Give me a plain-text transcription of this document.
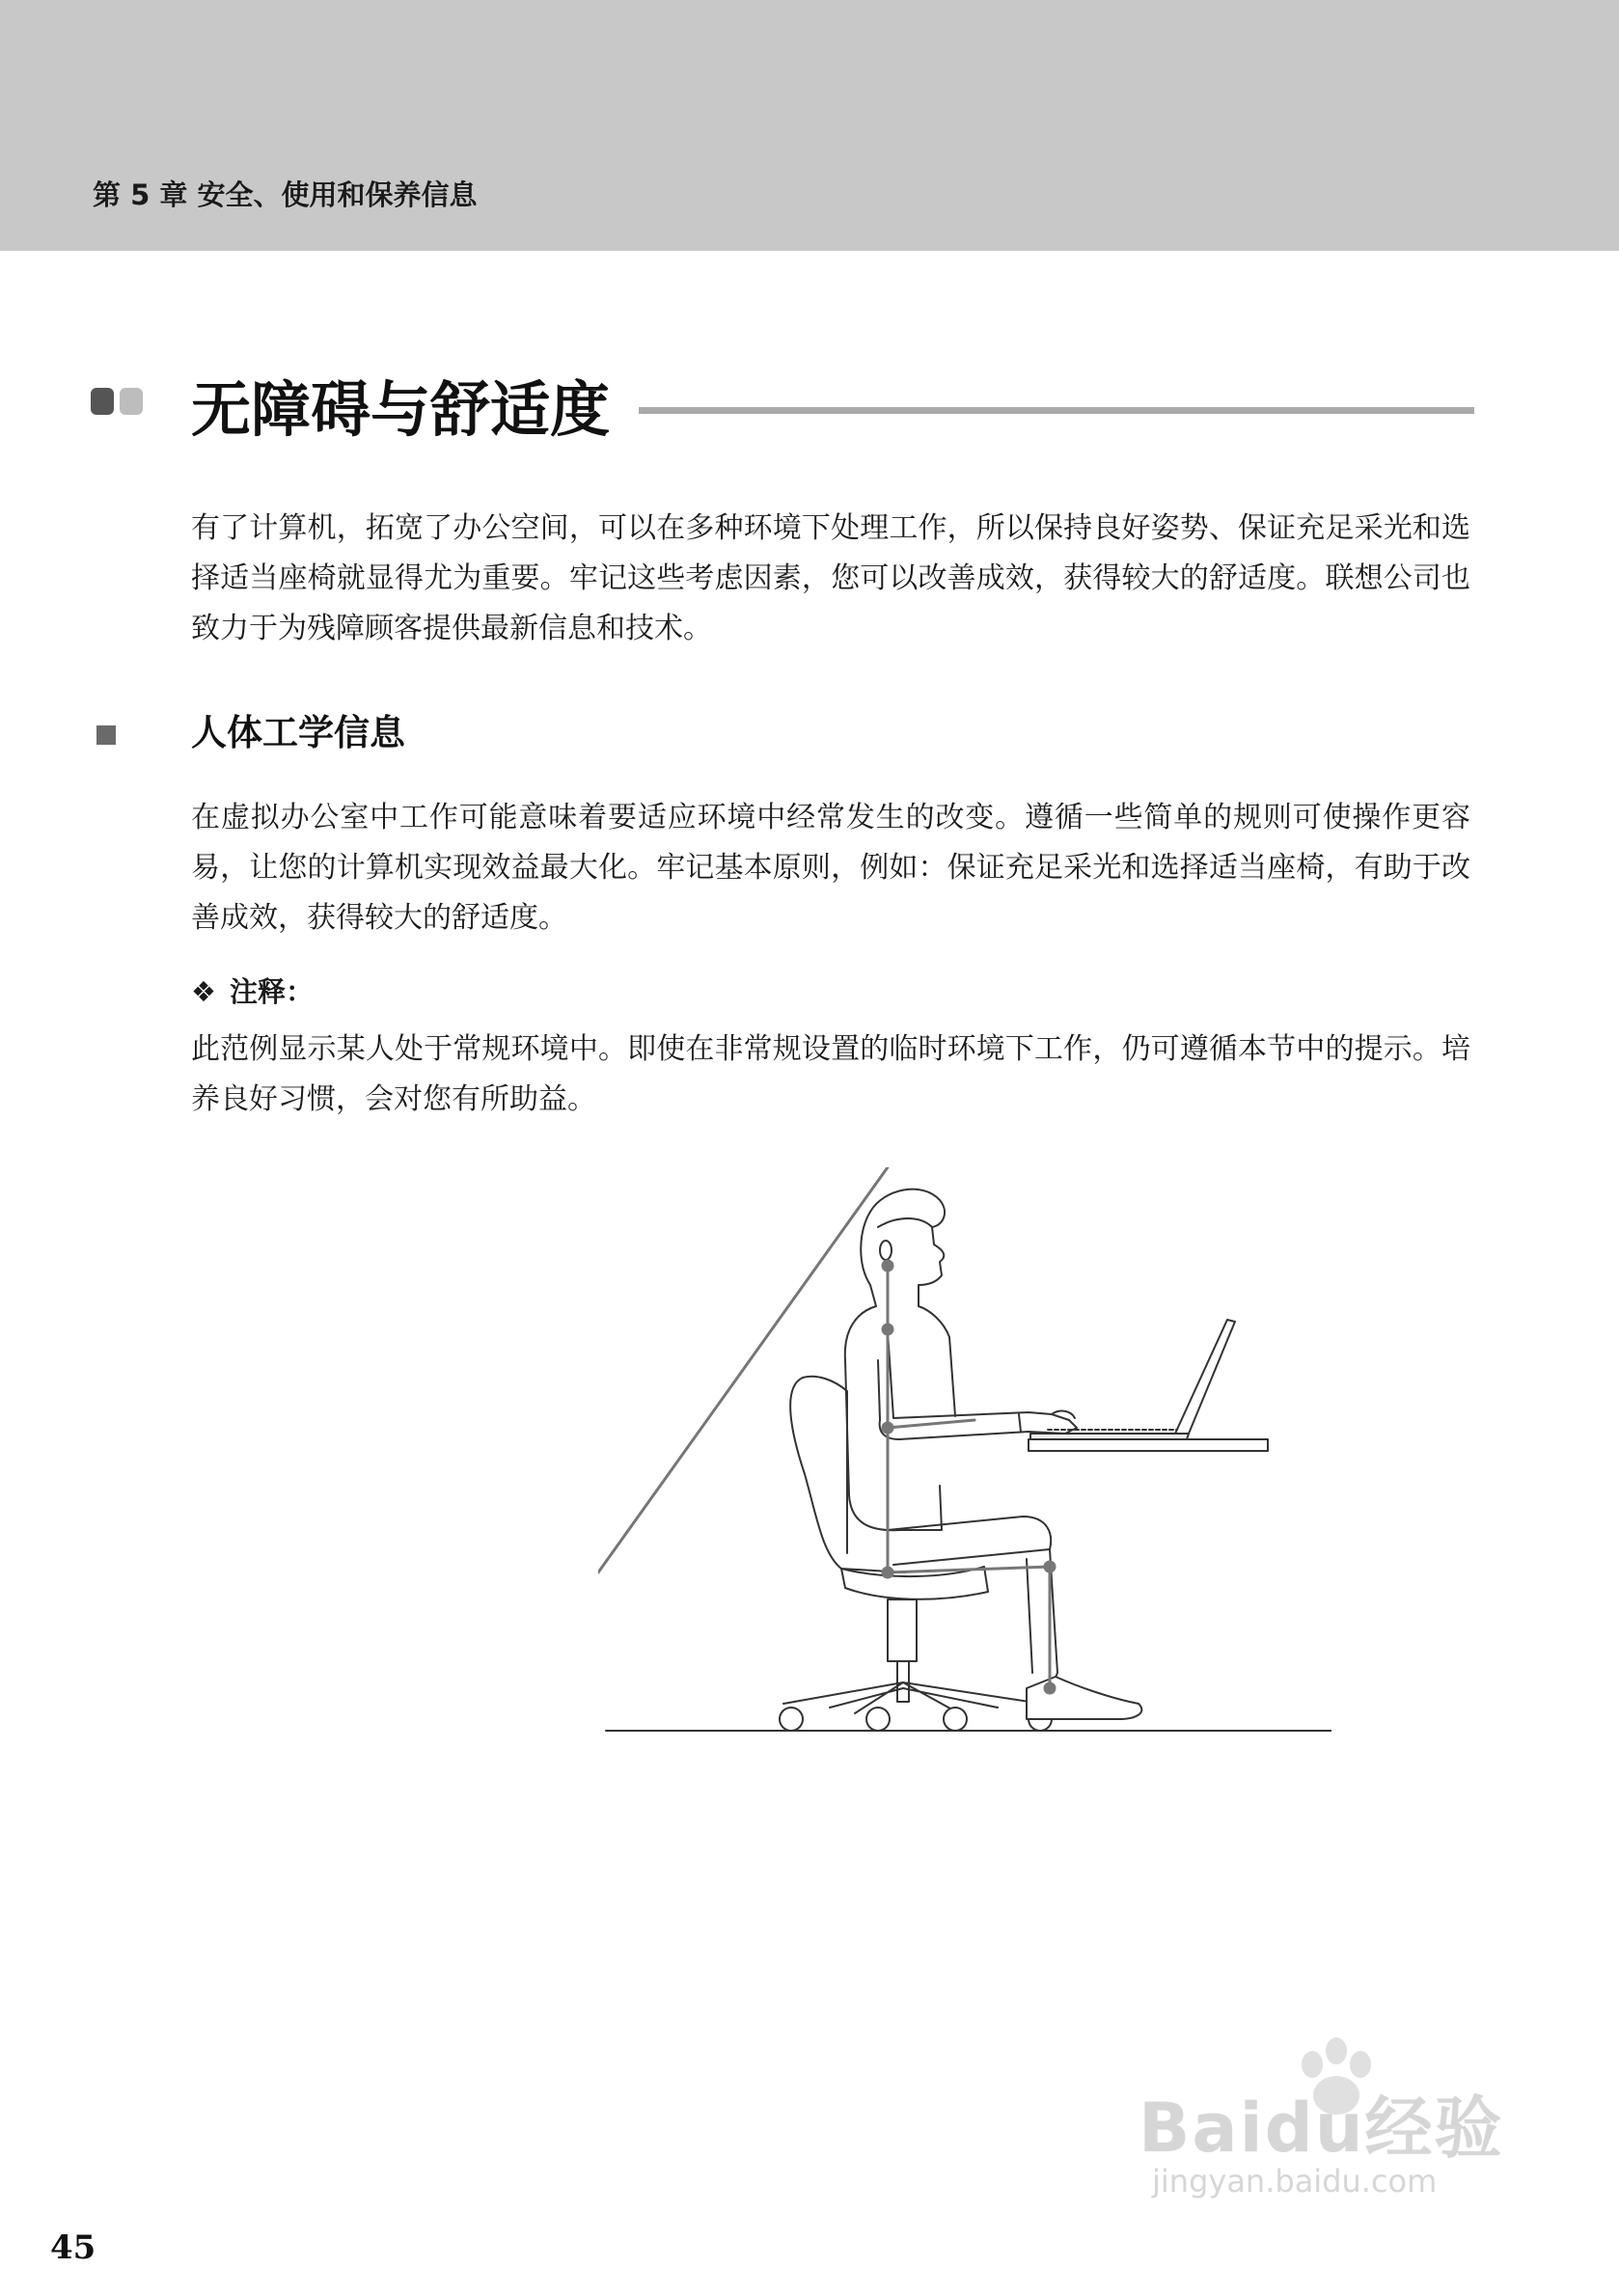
第 5 章 安全、使用和保养信息
无障碍与舒适度
有了计算机，拓宽了办公空间，可以在多种环境下处理工作，所以保持良好姿势、保证充足采光和选择适当座椅就显得尤为重要。牢记这些考虑因素，您可以改善成效，获得较大的舒适度。联想公司也致力于为残障顾客提供最新信息和技术。
人体工学信息
在虚拟办公室中工作可能意味着要适应环境中经常发生的改变。遵循一些简单的规则可使操作更容易，让您的计算机实现效益最大化。牢记基本原则，例如：保证充足采光和选择适当座椅，有助于改善成效，获得较大的舒适度。
❖ 注释：
此范例显示某人处于常规环境中。即使在非常规设置的临时环境下工作，仍可遵循本节中的提示。培养良好习惯，会对您有所助益。
Baidu经验
jingyan.baidu.com
45
